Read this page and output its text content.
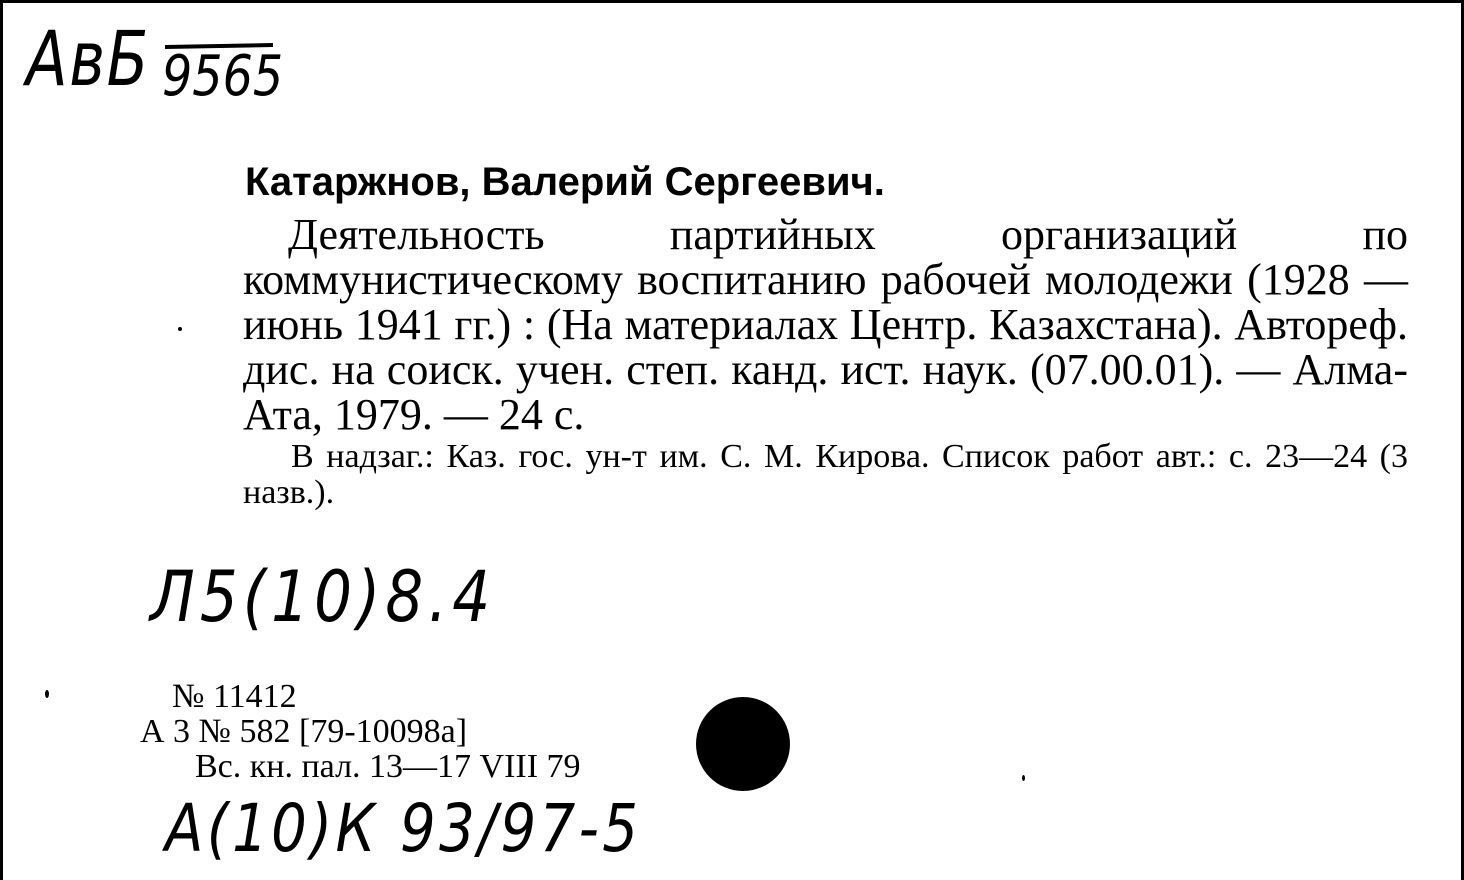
АвБ 9565
Катаржнов, Валерий Сергеевич.

Деятельность партийных организаций по коммунистическому воспитанию рабочей молодежи (1928 — июнь 1941 гг.) : (На материалах Центр. Казахстана). Автореф. дис. на соиск. учен. степ. канд. ист. наук. (07.00.01). — Алма-Ата, 1979. — 24 с.

В надзаг.: Каз. гос. ун-т им. С. М. Кирова. Список работ авт.: с. 23—24 (3 назв.).

Л5(10)8.4
№ 11412
А 3 № 582 [79-10098а]
Вс. кн. пал. 13—17 VIII 79
А(10)К 93/97-5
